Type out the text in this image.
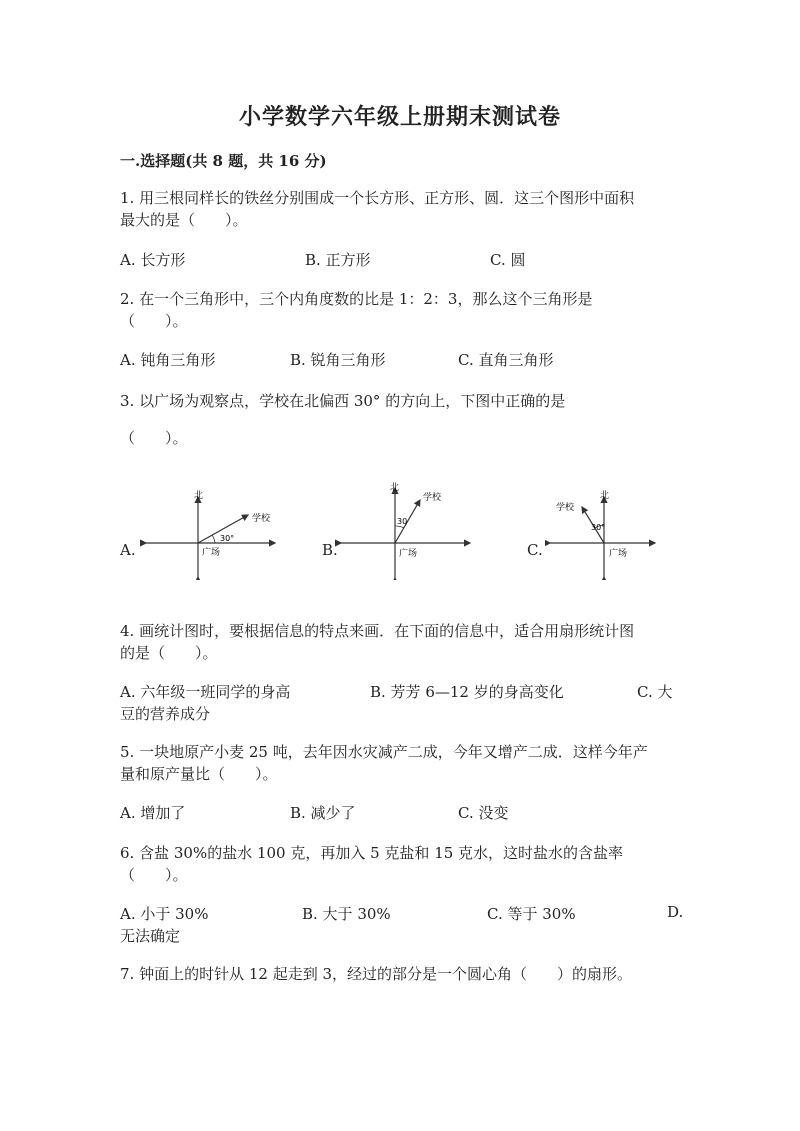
小学数学六年级上册期末测试卷
一.选择题(共 8 题，共 16 分)
1. 用三根同样长的铁丝分别围成一个长方形、正方形、圆．这三个图形中面积
最大的是（　　）。
A. 长方形	B. 正方形	C. 圆
2. 在一个三角形中，三个内角度数的比是 1：2：3，那么这个三角形是
（　　）。
A. 钝角三角形	B. 锐角三角形	C. 直角三角形
3. 以广场为观察点，学校在北偏西 30° 的方向上，下图中正确的是
（　　）。
A.	B.	C.
北
学校
30°
广场
北
学校
30
广场
北
学校
30°
广场
4. 画统计图时，要根据信息的特点来画．在下面的信息中，适合用扇形统计图
的是（　　）。
A. 六年级一班同学的身高	B. 芳芳 6—12 岁的身高变化	C. 大
豆的营养成分
5. 一块地原产小麦 25 吨，去年因水灾减产二成，今年又增产二成．这样今年产
量和原产量比（　　）。
A. 增加了	B. 减少了	C. 没变
6. 含盐 30%的盐水 100 克，再加入 5 克盐和 15 克水，这时盐水的含盐率
（　　）。
A. 小于 30%	B. 大于 30%	C. 等于 30%	D.
无法确定
7. 钟面上的时针从 12 起走到 3，经过的部分是一个圆心角（　　）的扇形。
